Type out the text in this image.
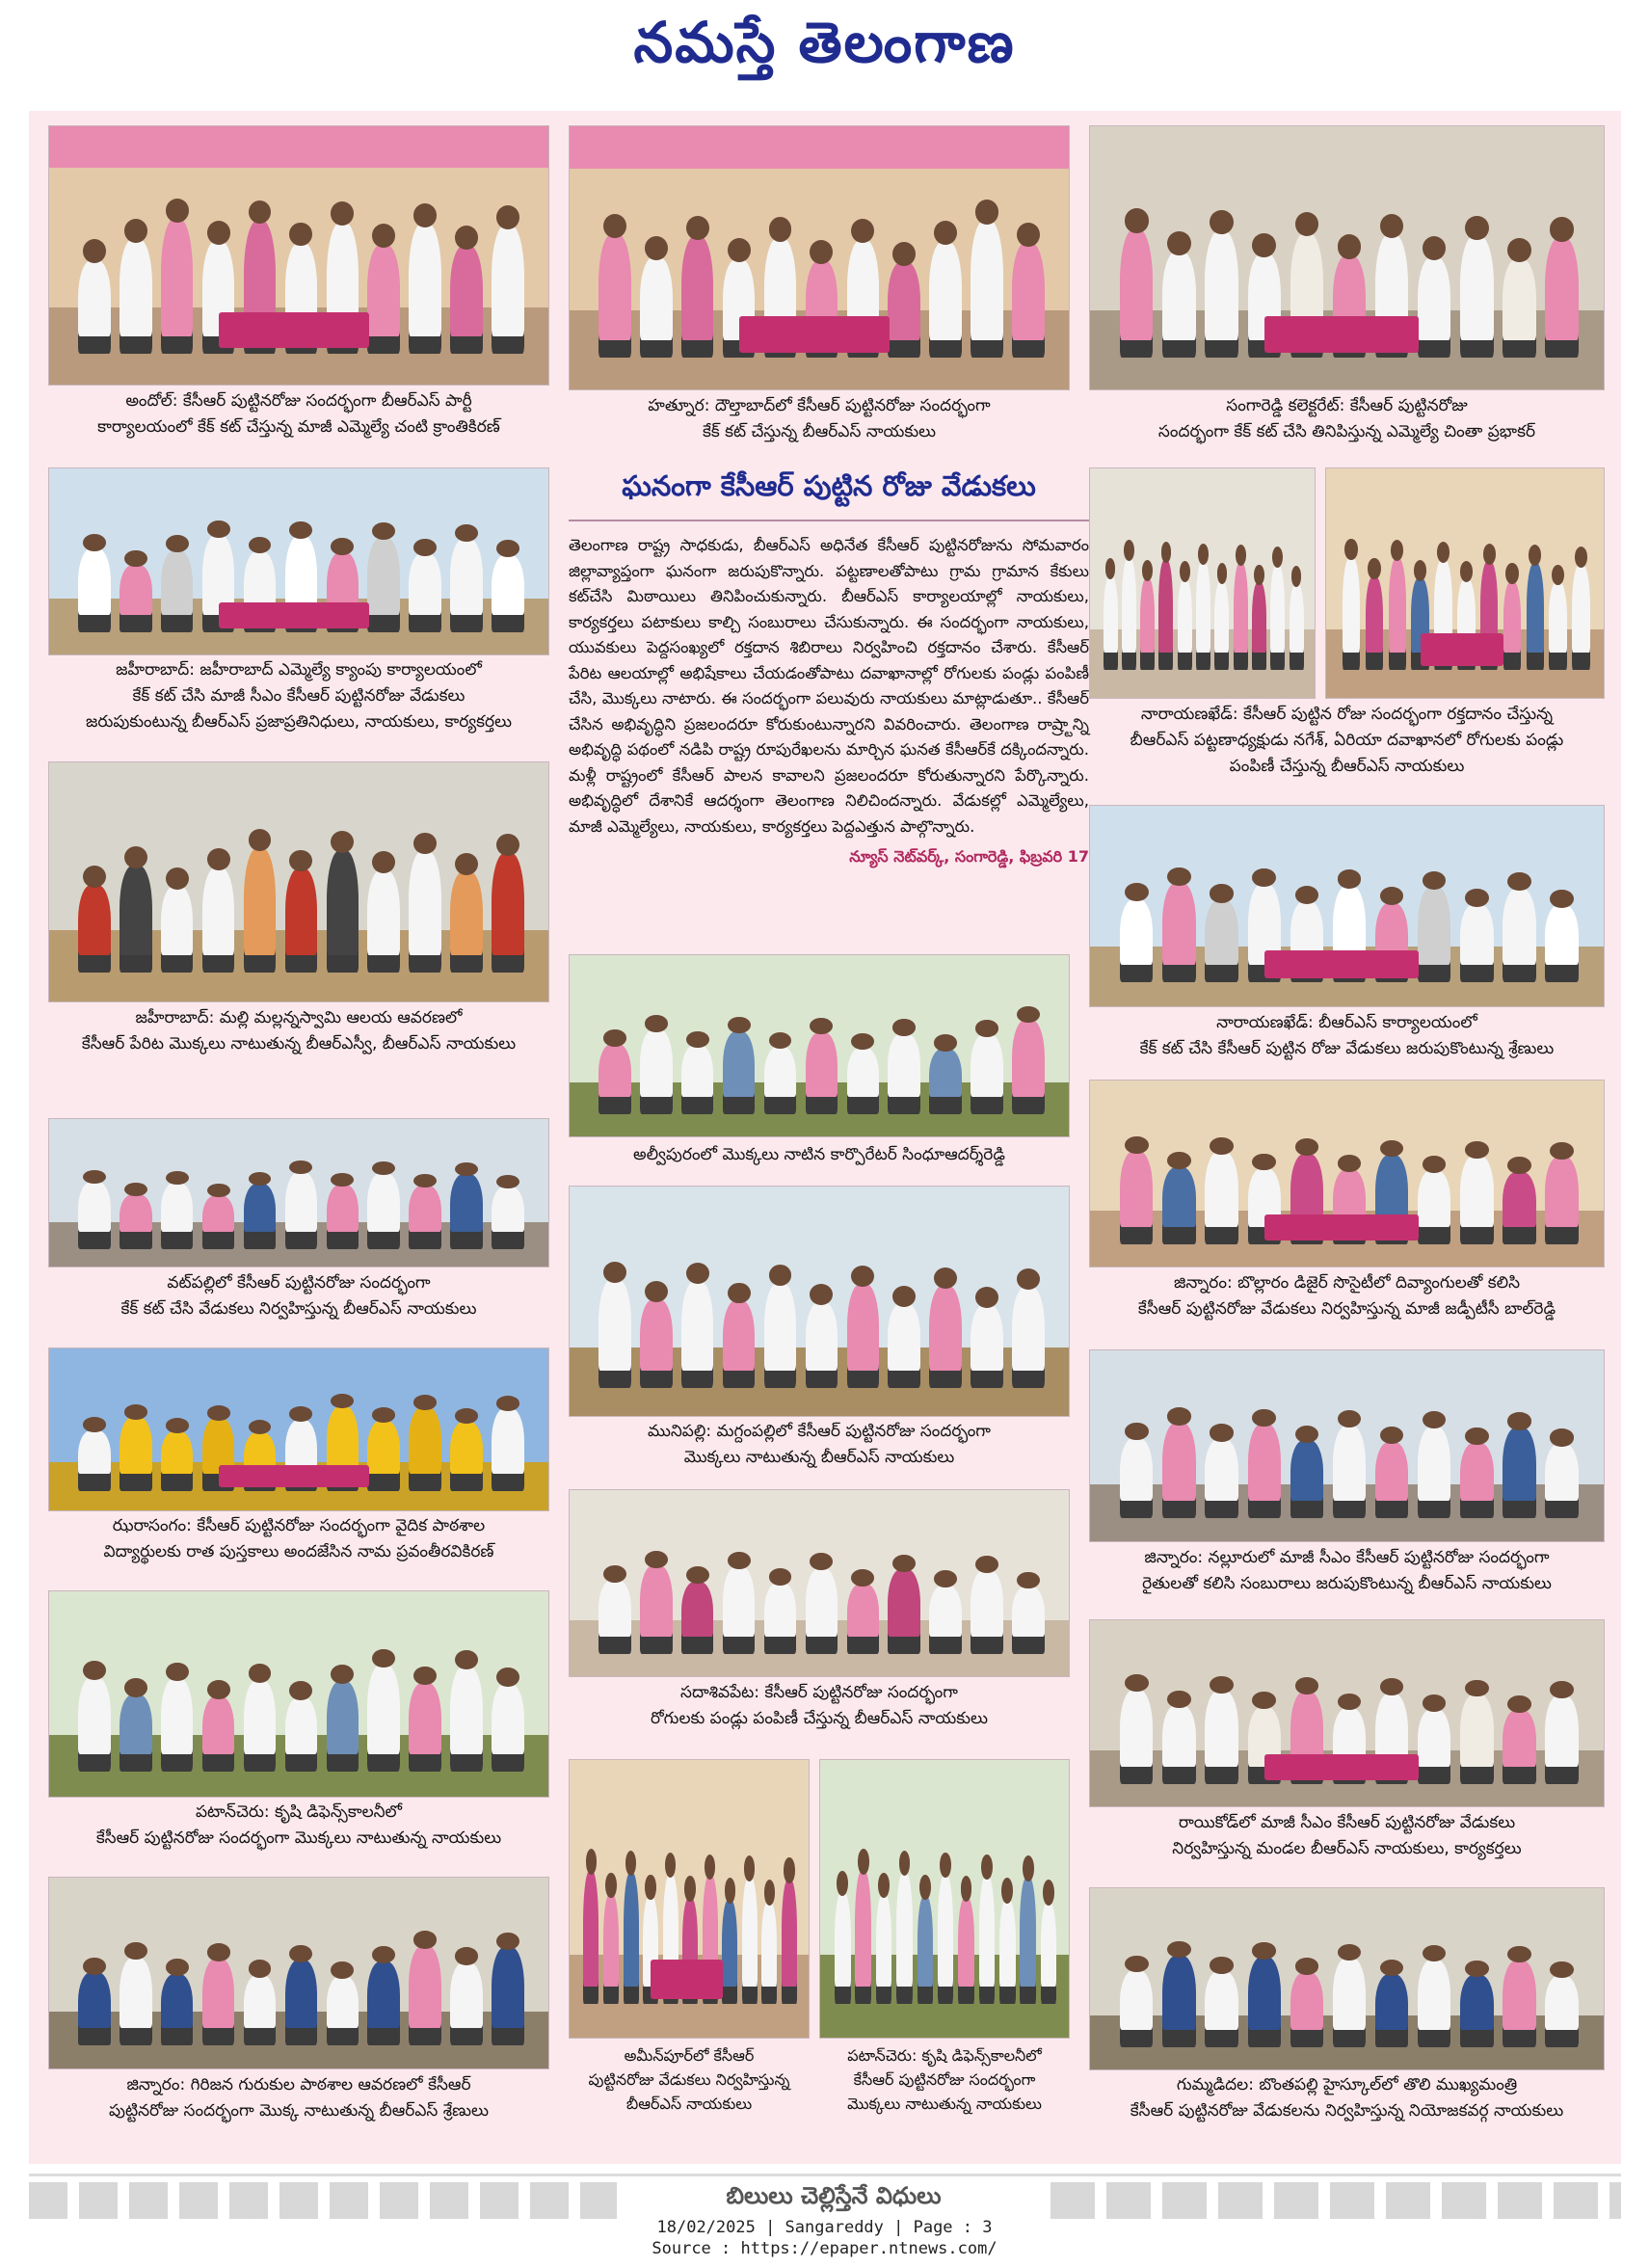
నమస్తే తెలంగాణ
అందోల్: కేసీఆర్ పుట్టినరోజు సందర్భంగా బీఆర్ఎస్ పార్టీ
కార్యాలయంలో కేక్ కట్ చేస్తున్న మాజీ ఎమ్మెల్యే చంటి క్రాంతికిరణ్
జహీరాబాద్: జహీరాబాద్ ఎమ్మెల్యే క్యాంపు కార్యాలయంలో
కేక్ కట్ చేసి మాజీ సీఎం కేసీఆర్ పుట్టినరోజు వేడుకలు
జరుపుకుంటున్న బీఆర్ఎస్ ప్రజాప్రతినిధులు, నాయకులు, కార్యకర్తలు
జహీరాబాద్: మల్లి మల్లన్నస్వామి ఆలయ ఆవరణలో
కేసీఆర్ పేరిట మొక్కలు నాటుతున్న బీఆర్ఎస్వీ, బీఆర్ఎస్ నాయకులు
వట్‌పల్లిలో కేసీఆర్ పుట్టినరోజు సందర్భంగా
కేక్ కట్ చేసి వేడుకలు నిర్వహిస్తున్న బీఆర్ఎస్ నాయకులు
ఝరాసంగం: కేసీఆర్ పుట్టినరోజు సందర్భంగా వైదిక పాఠశాల
విద్యార్థులకు రాత పుస్తకాలు అందజేసిన నామ ప్రవంతీరవికిరణ్
పటాన్‌చెరు: కృషి డిఫెన్స్‌కాలనీలో
కేసీఆర్ పుట్టినరోజు సందర్భంగా మొక్కలు నాటుతున్న నాయకులు
జిన్నారం: గిరిజన గురుకుల పాఠశాల ఆవరణలో కేసీఆర్
పుట్టినరోజు సందర్భంగా మొక్క నాటుతున్న బీఆర్ఎస్ శ్రేణులు
హత్నూర: దౌల్తాబాద్‌లో కేసీఆర్ పుట్టినరోజు సందర్భంగా
కేక్ కట్ చేస్తున్న బీఆర్ఎస్ నాయకులు
ఘనంగా కేసీఆర్ పుట్టిన రోజు వేడుకలు
తెలంగాణ రాష్ట్ర సాధకుడు, బీఆర్ఎస్ అధినేత కేసీఆర్ పుట్టినరోజును సోమవారం జిల్లావ్యాప్తంగా ఘనంగా జరుపుకొన్నారు. పట్టణాలతోపాటు గ్రామ గ్రామాన కేకులు కట్‌చేసి మిఠాయిలు తినిపించుకున్నారు. బీఆర్ఎస్ కార్యాలయాల్లో నాయకులు, కార్యకర్తలు పటాకులు కాల్చి సంబురాలు చేసుకున్నారు. ఈ సందర్భంగా నాయకులు, యువకులు పెద్దసంఖ్యలో రక్తదాన శిబిరాలు నిర్వహించి రక్తదానం చేశారు. కేసీఆర్ పేరిట ఆలయాల్లో అభిషేకాలు చేయడంతోపాటు దవాఖానాల్లో రోగులకు పండ్లు పంపిణీ చేసి, మొక్కలు నాటారు. ఈ సందర్భంగా పలువురు నాయకులు మాట్లాడుతూ.. కేసీఆర్ చేసిన అభివృద్ధిని ప్రజలందరూ కోరుకుంటున్నారని వివరించారు. తెలంగాణ రాష్ర్టాన్ని అభివృద్ధి పథంలో నడిపి రాష్ట్ర రూపురేఖలను మార్చిన ఘనత కేసీఆర్‌కే దక్కిందన్నారు. మళ్లీ రాష్ట్రంలో కేసీఆర్ పాలన కావాలని ప్రజలందరూ కోరుతున్నారని పేర్కొన్నారు. అభివృద్ధిలో దేశానికే ఆదర్శంగా తెలంగాణ నిలిచిందన్నారు. వేడుకల్లో ఎమ్మెల్యేలు, మాజీ ఎమ్మెల్యేలు, నాయకులు, కార్యకర్తలు పెద్దఎత్తున పాల్గొన్నారు.
న్యూస్ నెట్‌వర్క్, సంగారెడ్డి, ఫిబ్రవరి 17
అల్వీపురంలో మొక్కలు నాటిన కార్పొరేటర్ సింధూఆదర్శ్‌రెడ్డి
మునిపల్లి: మగ్దంపల్లిలో కేసీఆర్ పుట్టినరోజు సందర్భంగా
మొక్కలు నాటుతున్న బీఆర్ఎస్ నాయకులు
సదాశివపేట: కేసీఆర్ పుట్టినరోజు సందర్భంగా
రోగులకు పండ్లు పంపిణీ చేస్తున్న బీఆర్ఎస్ నాయకులు
అమీన్‌పూర్‌లో కేసీఆర్
పుట్టినరోజు వేడుకలు నిర్వహిస్తున్న
బీఆర్ఎస్ నాయకులు
పటాన్‌చెరు: కృషి డిఫెన్స్‌కాలనీలో
కేసీఆర్ పుట్టినరోజు సందర్భంగా
మొక్కలు నాటుతున్న నాయకులు
సంగారెడ్డి కలెక్టరేట్: కేసీఆర్ పుట్టినరోజు
సందర్భంగా కేక్ కట్ చేసి తినిపిస్తున్న ఎమ్మెల్యే చింతా ప్రభాకర్
నారాయణఖేడ్: కేసీఆర్ పుట్టిన రోజు సందర్భంగా రక్తదానం చేస్తున్న
బీఆర్ఎస్ పట్టణాధ్యక్షుడు నగేశ్, ఏరియా దవాఖానలో రోగులకు పండ్లు
పంపిణీ చేస్తున్న బీఆర్ఎస్ నాయకులు
నారాయణఖేడ్: బీఆర్ఎస్ కార్యాలయంలో
కేక్ కట్ చేసి కేసీఆర్ పుట్టిన రోజు వేడుకలు జరుపుకొంటున్న శ్రేణులు
జిన్నారం: బొల్లారం డిజైర్ సొసైటీలో దివ్యాంగులతో కలిసి
కేసీఆర్ పుట్టినరోజు వేడుకలు నిర్వహిస్తున్న మాజీ జడ్పీటీసీ బాల్‌రెడ్డి
జిన్నారం: నల్లూరులో మాజీ సీఎం కేసీఆర్ పుట్టినరోజు సందర్భంగా
రైతులతో కలిసి సంబురాలు జరుపుకొంటున్న బీఆర్ఎస్ నాయకులు
రాయికోడ్‌లో మాజీ సీఎం కేసీఆర్ పుట్టినరోజు వేడుకలు
నిర్వహిస్తున్న మండల బీఆర్ఎస్ నాయకులు, కార్యకర్తలు
గుమ్మడిదల: బొంతపల్లి హైస్కూల్‌లో తొలి ముఖ్యమంత్రి
కేసీఆర్ పుట్టినరోజు వేడుకలను నిర్వహిస్తున్న నియోజకవర్గ నాయకులు
బిలులు చెల్లిస్తేనే విధులు
18/02/2025 | Sangareddy | Page : 3
Source : https://epaper.ntnews.com/
